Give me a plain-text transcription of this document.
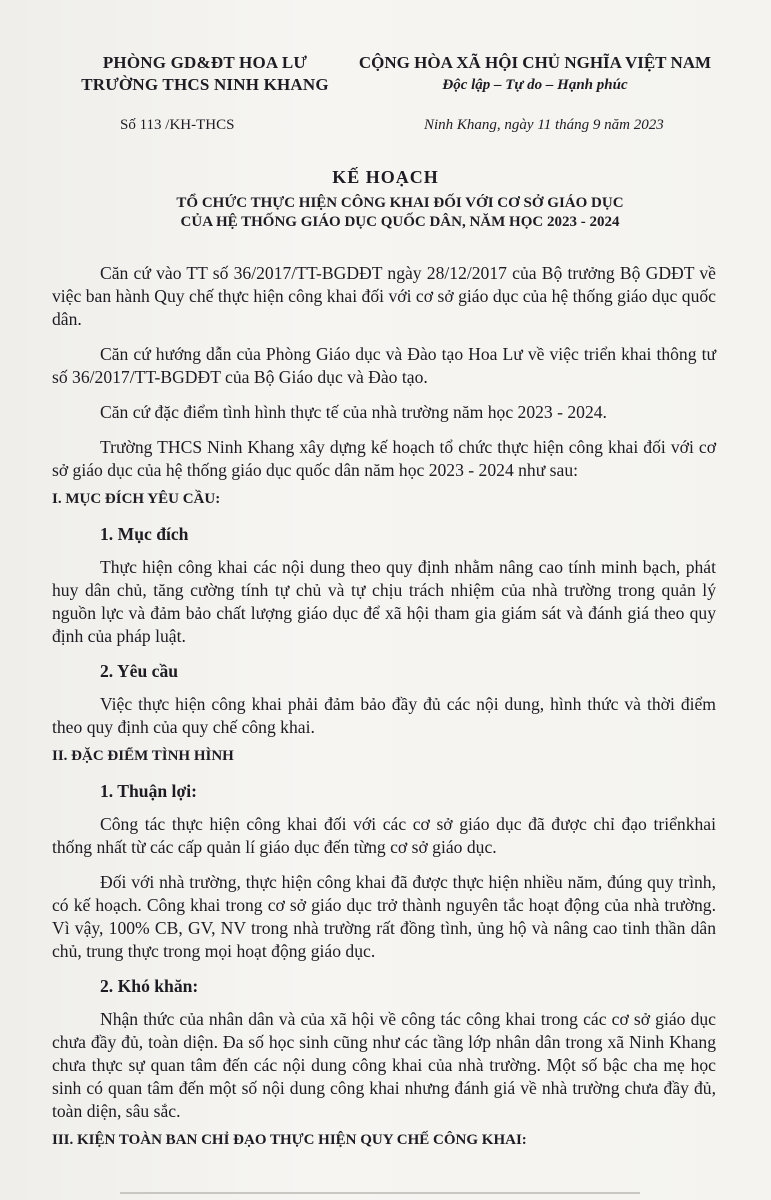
PHÒNG GD&ĐT HOA LƯ
TRƯỜNG THCS NINH KHANG
CỘNG HÒA XÃ HỘI CHỦ NGHĨA VIỆT NAM
Độc lập – Tự do – Hạnh phúc
Số 113 /KH-THCS	Ninh Khang, ngày 11 tháng 9 năm 2023
KẾ HOẠCH
TỔ CHỨC THỰC HIỆN CÔNG KHAI ĐỐI VỚI CƠ SỞ GIÁO DỤC
CỦA HỆ THỐNG GIÁO DỤC QUỐC DÂN, NĂM HỌC 2023 - 2024

Căn cứ vào TT số 36/2017/TT-BGDĐT ngày 28/12/2017 của Bộ trưởng Bộ GDĐT về việc ban hành Quy chế thực hiện công khai đối với cơ sở giáo dục của hệ thống giáo dục quốc dân.

Căn cứ hướng dẫn của Phòng Giáo dục và Đào tạo Hoa Lư về việc triển khai thông tư số 36/2017/TT-BGDĐT của Bộ Giáo dục và Đào tạo.

Căn cứ đặc điểm tình hình thực tế của nhà trường năm học 2023 - 2024.

Trường THCS Ninh Khang xây dựng kế hoạch tổ chức thực hiện công khai đối với cơ sở giáo dục của hệ thống giáo dục quốc dân năm học 2023 - 2024 như sau:

I. MỤC ĐÍCH YÊU CẦU:
1. Mục đích

Thực hiện công khai các nội dung theo quy định nhằm nâng cao tính minh bạch, phát huy dân chủ, tăng cường tính tự chủ và tự chịu trách nhiệm của nhà trường trong quản lý nguồn lực và đảm bảo chất lượng giáo dục để xã hội tham gia giám sát và đánh giá theo quy định của pháp luật.

2. Yêu cầu

Việc thực hiện công khai phải đảm bảo đầy đủ các nội dung, hình thức và thời điểm theo quy định của quy chế công khai.

II. ĐẶC ĐIỂM TÌNH HÌNH
1. Thuận lợi:

Công tác thực hiện công khai đối với các cơ sở giáo dục đã được chỉ đạo triểnkhai thống nhất từ các cấp quản lí giáo dục đến từng cơ sở giáo dục.

Đối với nhà trường, thực hiện công khai đã được thực hiện nhiều năm, đúng quy trình, có kế hoạch. Công khai trong cơ sở giáo dục trở thành nguyên tắc hoạt động của nhà trường. Vì vậy, 100% CB, GV, NV trong nhà trường rất đồng tình, ủng hộ và nâng cao tinh thần dân chủ, trung thực trong mọi hoạt động giáo dục.

2. Khó khăn:

Nhận thức của nhân dân và của xã hội về công tác công khai trong các cơ sở giáo dục chưa đầy đủ, toàn diện. Đa số học sinh cũng như các tầng lớp nhân dân trong xã Ninh Khang chưa thực sự quan tâm đến các nội dung công khai của nhà trường. Một số bậc cha mẹ học sinh có quan tâm đến một số nội dung công khai nhưng đánh giá về nhà trường chưa đầy đủ, toàn diện, sâu sắc.

III. KIỆN TOÀN BAN CHỈ ĐẠO THỰC HIỆN QUY CHẾ CÔNG KHAI:
